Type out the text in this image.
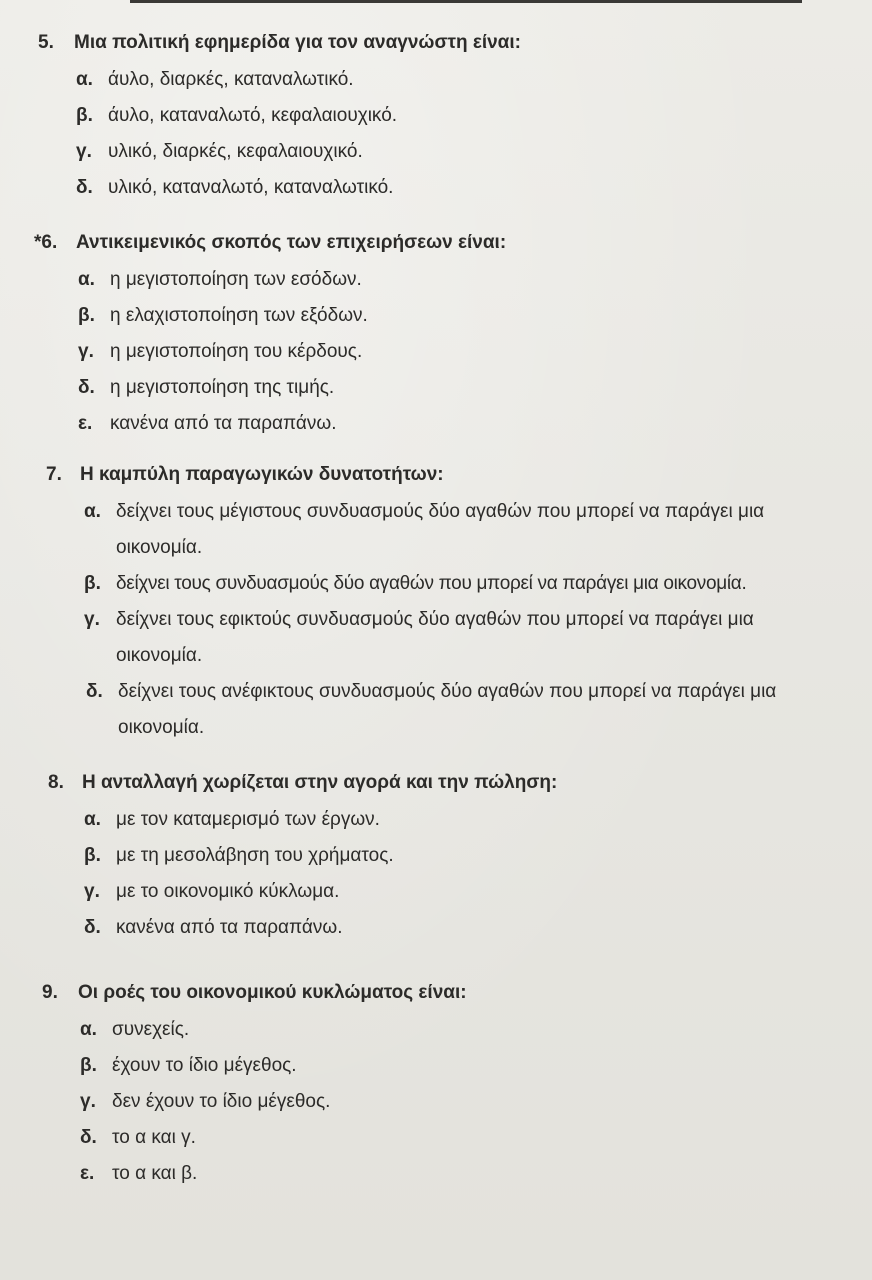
5. Μια πολιτική εφημερίδα για τον αναγνώστη είναι:
α. άυλο, διαρκές, καταναλωτικό.
β. άυλο, καταναλωτό, κεφαλαιουχικό.
γ. υλικό, διαρκές, κεφαλαιουχικό.
δ. υλικό, καταναλωτό, καταναλωτικό.
*6. Αντικειμενικός σκοπός των επιχειρήσεων είναι:
α. η μεγιστοποίηση των εσόδων.
β. η ελαχιστοποίηση των εξόδων.
γ. η μεγιστοποίηση του κέρδους.
δ. η μεγιστοποίηση της τιμής.
ε. κανένα από τα παραπάνω.
7. Η καμπύλη παραγωγικών δυνατοτήτων:
α. δείχνει τους μέγιστους συνδυασμούς δύο αγαθών που μπορεί να παράγει μια οικονομία.
β. δείχνει τους συνδυασμούς δύο αγαθών που μπορεί να παράγει μια οικονομία.
γ. δείχνει τους εφικτούς συνδυασμούς δύο αγαθών που μπορεί να παράγει μια οικονομία.
δ. δείχνει τους ανέφικτους συνδυασμούς δύο αγαθών που μπορεί να παράγει μια οικονομία.
8. Η ανταλλαγή χωρίζεται στην αγορά και την πώληση:
α. με τον καταμερισμό των έργων.
β. με τη μεσολάβηση του χρήματος.
γ. με το οικονομικό κύκλωμα.
δ. κανένα από τα παραπάνω.
9. Οι ροές του οικονομικού κυκλώματος είναι:
α. συνεχείς.
β. έχουν το ίδιο μέγεθος.
γ. δεν έχουν το ίδιο μέγεθος.
δ. το α και γ.
ε. το α και β.
